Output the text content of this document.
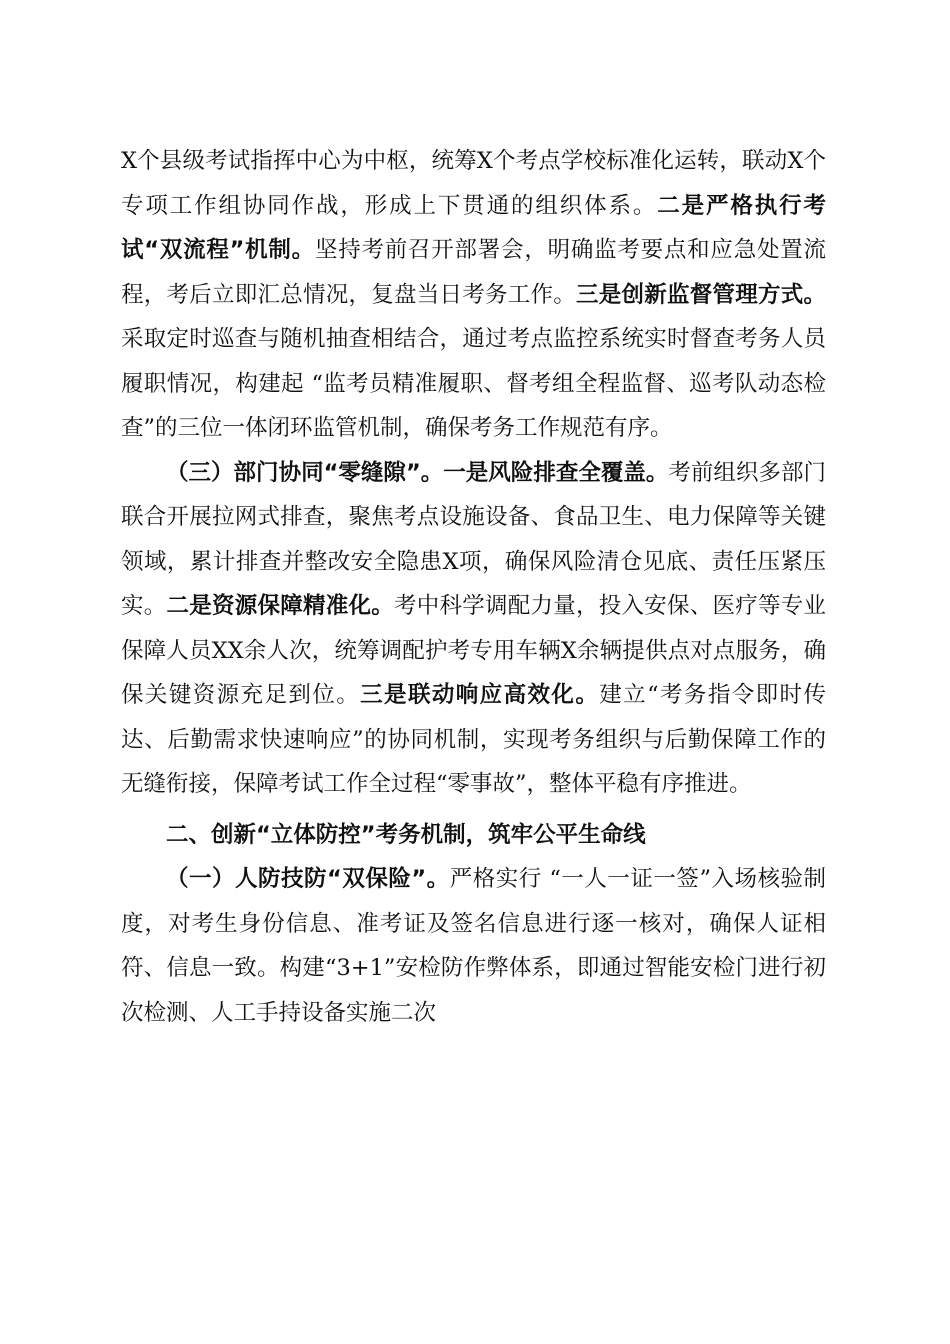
X个县级考试指挥中心为中枢，统筹X个考点学校标准化运转，联动X个专项工作组协同作战，形成上下贯通的组织体系。二是严格执行考试“双流程”机制。坚持考前召开部署会，明确监考要点和应急处置流程，考后立即汇总情况，复盘当日考务工作。三是创新监督管理方式。采取定时巡查与随机抽查相结合，通过考点监控系统实时督查考务人员履职情况，构建起 “监考员精准履职、督考组全程监督、巡考队动态检查”的三位一体闭环监管机制，确保考务工作规范有序。

（三）部门协同“零缝隙”。一是风险排查全覆盖。考前组织多部门联合开展拉网式排查，聚焦考点设施设备、食品卫生、电力保障等关键领域，累计排查并整改安全隐患X项，确保风险清仓见底、责任压紧压实。二是资源保障精准化。考中科学调配力量，投入安保、医疗等专业保障人员XX余人次，统筹调配护考专用车辆X余辆提供点对点服务，确保关键资源充足到位。三是联动响应高效化。建立“考务指令即时传达、后勤需求快速响应”的协同机制，实现考务组织与后勤保障工作的无缝衔接，保障考试工作全过程“零事故”，整体平稳有序推进。

二、创新“立体防控”考务机制，筑牢公平生命线

（一）人防技防“双保险”。严格实行 “一人一证一签”入场核验制度，对考生身份信息、准考证及签名信息进行逐一核对，确保人证相符、信息一致。构建“3+1”安检防作弊体系，即通过智能安检门进行初次检测、人工手持设备实施二次
